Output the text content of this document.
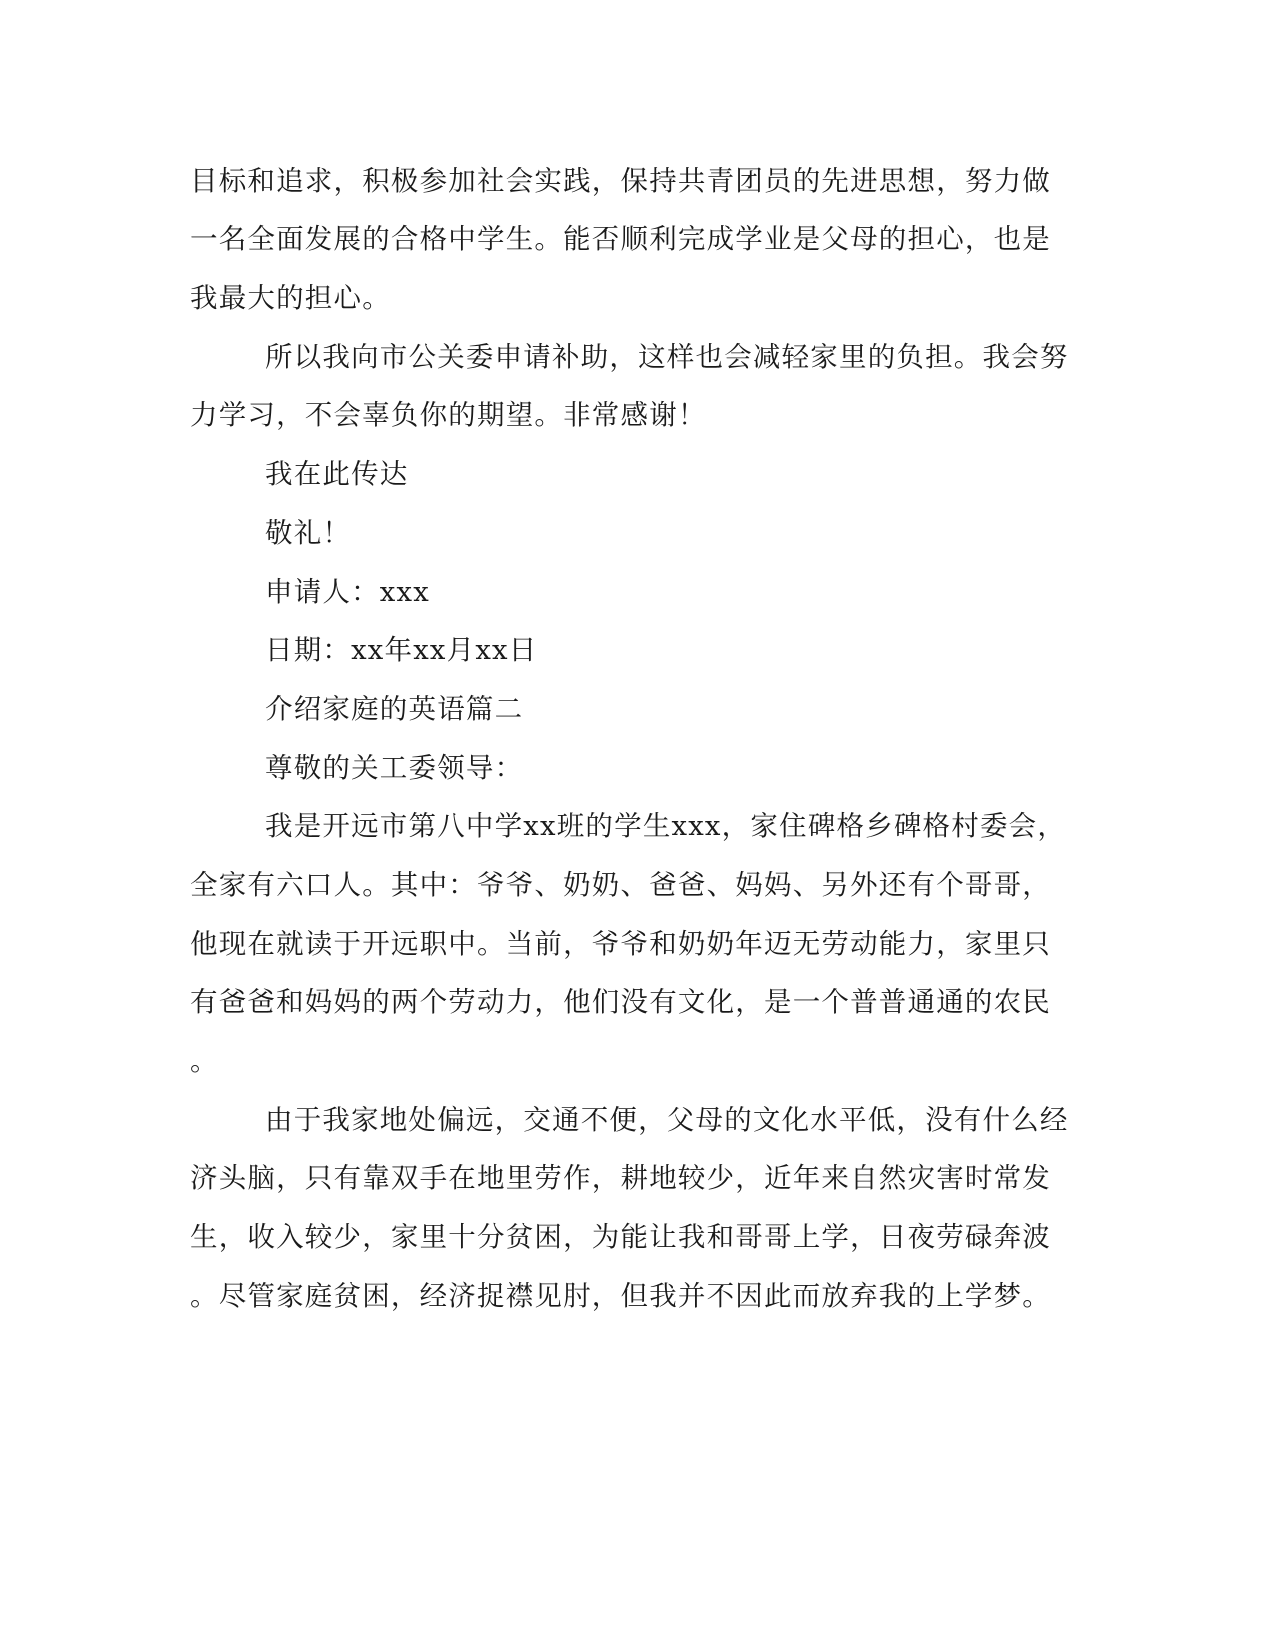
目标和追求，积极参加社会实践，保持共青团员的先进思想，努力做
一名全面发展的合格中学生。能否顺利完成学业是父母的担心，也是
我最大的担心。
所以我向市公关委申请补助，这样也会减轻家里的负担。我会努
力学习，不会辜负你的期望。非常感谢！
我在此传达
敬礼！
申请人：xxx
日期：xx年xx月xx日
介绍家庭的英语篇二
尊敬的关工委领导：
我是开远市第八中学xx班的学生xxx，家住碑格乡碑格村委会，
全家有六口人。其中：爷爷、奶奶、爸爸、妈妈、另外还有个哥哥，
他现在就读于开远职中。当前，爷爷和奶奶年迈无劳动能力，家里只
有爸爸和妈妈的两个劳动力，他们没有文化，是一个普普通通的农民
。
由于我家地处偏远，交通不便，父母的文化水平低，没有什么经
济头脑，只有靠双手在地里劳作，耕地较少，近年来自然灾害时常发
生，收入较少，家里十分贫困，为能让我和哥哥上学，日夜劳碌奔波
。尽管家庭贫困，经济捉襟见肘，但我并不因此而放弃我的上学梦。
